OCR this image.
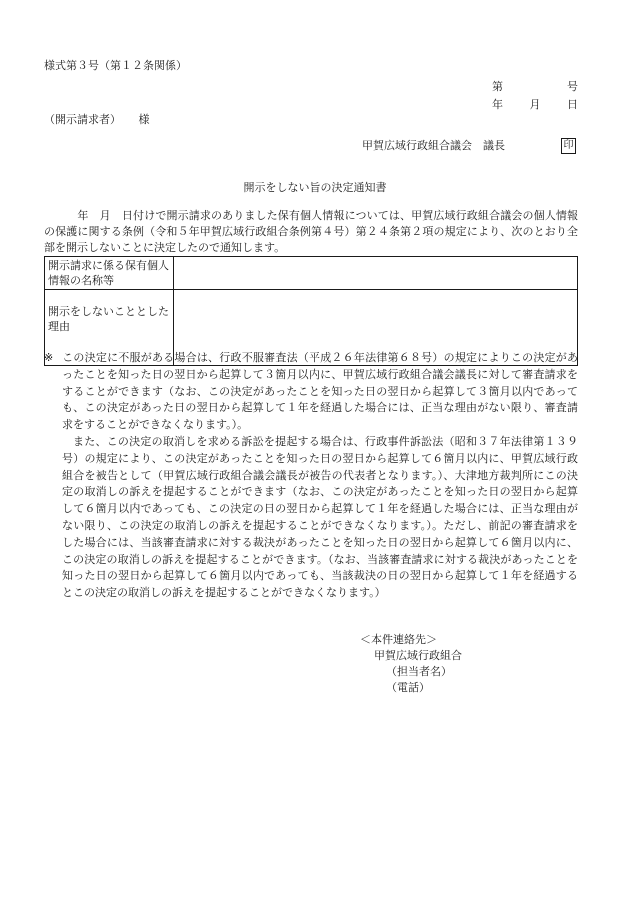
様式第３号（第１２条関係）
第	号
年 月 日
（開示請求者） 様
甲賀広域行政組合議会　議長	印
開示をしない旨の決定通知書
　　　年　月　日付けで開示請求のありました保有個人情報については、甲賀広域行政組合議会の個人情報の保護に関する条例（令和５年甲賀広域行政組合条例第４号）第２４条第２項の規定により、次のとおり全部を開示しないことに決定したので通知します。
開示請求に係る保有個人情報の名称等	
開示をしないこととした理由	

※ この決定に不服がある場合は、行政不服審査法（平成２６年法律第６８号）の規定によりこの決定があったことを知った日の翌日から起算して３箇月以内に、甲賀広域行政組合議会議長に対して審査請求をすることができます（なお、この決定があったことを知った日の翌日から起算して３箇月以内であっても、この決定があった日の翌日から起算して１年を経過した場合には、正当な理由がない限り、審査請求をすることができなくなります。）。

また、この決定の取消しを求める訴訟を提起する場合は、行政事件訴訟法（昭和３７年法律第１３９号）の規定により、この決定があったことを知った日の翌日から起算して６箇月以内に、甲賀広域行政組合を被告として（甲賀広域行政組合議会議長が被告の代表者となります。）、大津地方裁判所にこの決定の取消しの訴えを提起することができます（なお、この決定があったことを知った日の翌日から起算して６箇月以内であっても、この決定の日の翌日から起算して１年を経過した場合には、正当な理由がない限り、この決定の取消しの訴えを提起することができなくなります。）。ただし、前記の審査請求をした場合には、当該審査請求に対する裁決があったことを知った日の翌日から起算して６箇月以内に、この決定の取消しの訴えを提起することができます。（なお、当該審査請求に対する裁決があったことを知った日の翌日から起算して６箇月以内であっても、当該裁決の日の翌日から起算して１年を経過するとこの決定の取消しの訴えを提起することができなくなります。）

＜本件連絡先＞
甲賀広域行政組合
（担当者名）
（電話）
